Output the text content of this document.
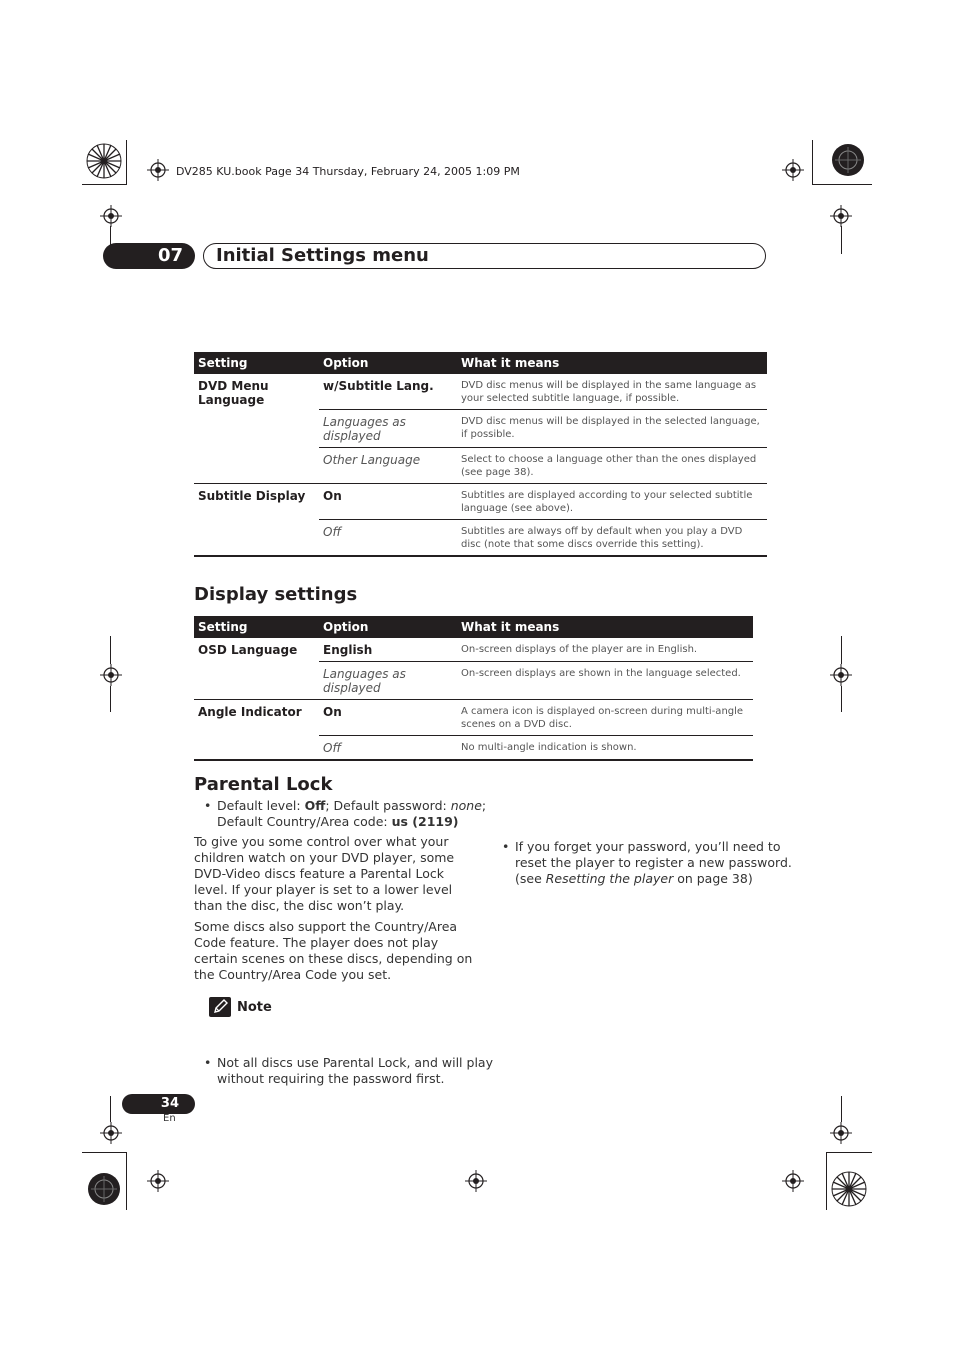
DV285 KU.book Page 34 Thursday, February 24, 2005 1:09 PM
07	Initial Settings menu
Setting	Option	What it means
DVD Menu Language	w/Subtitle Lang.	DVD disc menus will be displayed in the same language as your selected subtitle language, if possible.
	Languages as displayed	DVD disc menus will be displayed in the selected language, if possible.
	Other Language	Select to choose a language other than the ones displayed (see page 38).
Subtitle Display	On	Subtitles are displayed according to your selected subtitle language (see above).
	Off	Subtitles are always off by default when you play a DVD disc (note that some discs override this setting).
Display settings
Setting	Option	What it means
OSD Language	English	On-screen displays of the player are in English.
	Languages as displayed	On-screen displays are shown in the language selected.
Angle Indicator	On	A camera icon is displayed on-screen during multi-angle scenes on a DVD disc.
	Off	No multi-angle indication is shown.
Parental Lock
• Default level: Off; Default password: none;
Default Country/Area code: us (2119)
To give you some control over what your children watch on your DVD player, some DVD-Video discs feature a Parental Lock level. If your player is set to a lower level than the disc, the disc won’t play.
Some discs also support the Country/Area Code feature. The player does not play certain scenes on these discs, depending on the Country/Area Code you set.
Note
• Not all discs use Parental Lock, and will play without requiring the password first.
• If you forget your password, you’ll need to reset the player to register a new password. (see Resetting the player on page 38)
34
En
